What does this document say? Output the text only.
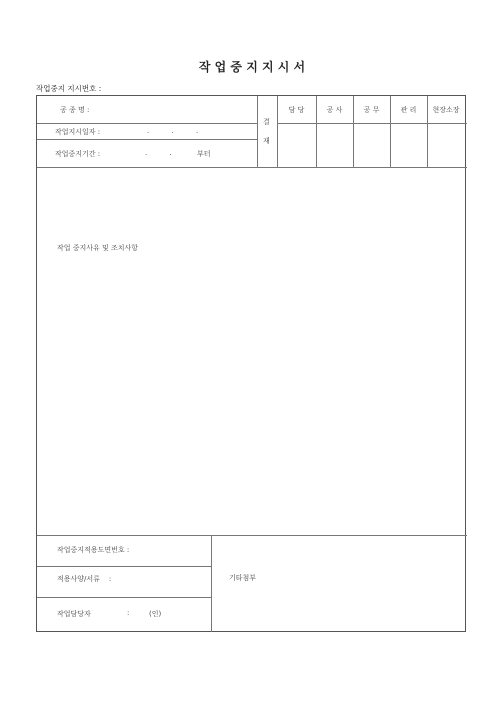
작 업 중 지 지 시 서
작업중지 지시번호 :
공 종 명 :
작업지시일자 :	.          .          .
작업중지기간 :	.          .	부터
결
재
담 당	공 사	공 무	관 리	현장소장
작업 중지사유 및 조치사항
작업중지적용도면번호 :
적용사양/서류    :
작업담당자	:	(인)
기타첨부
